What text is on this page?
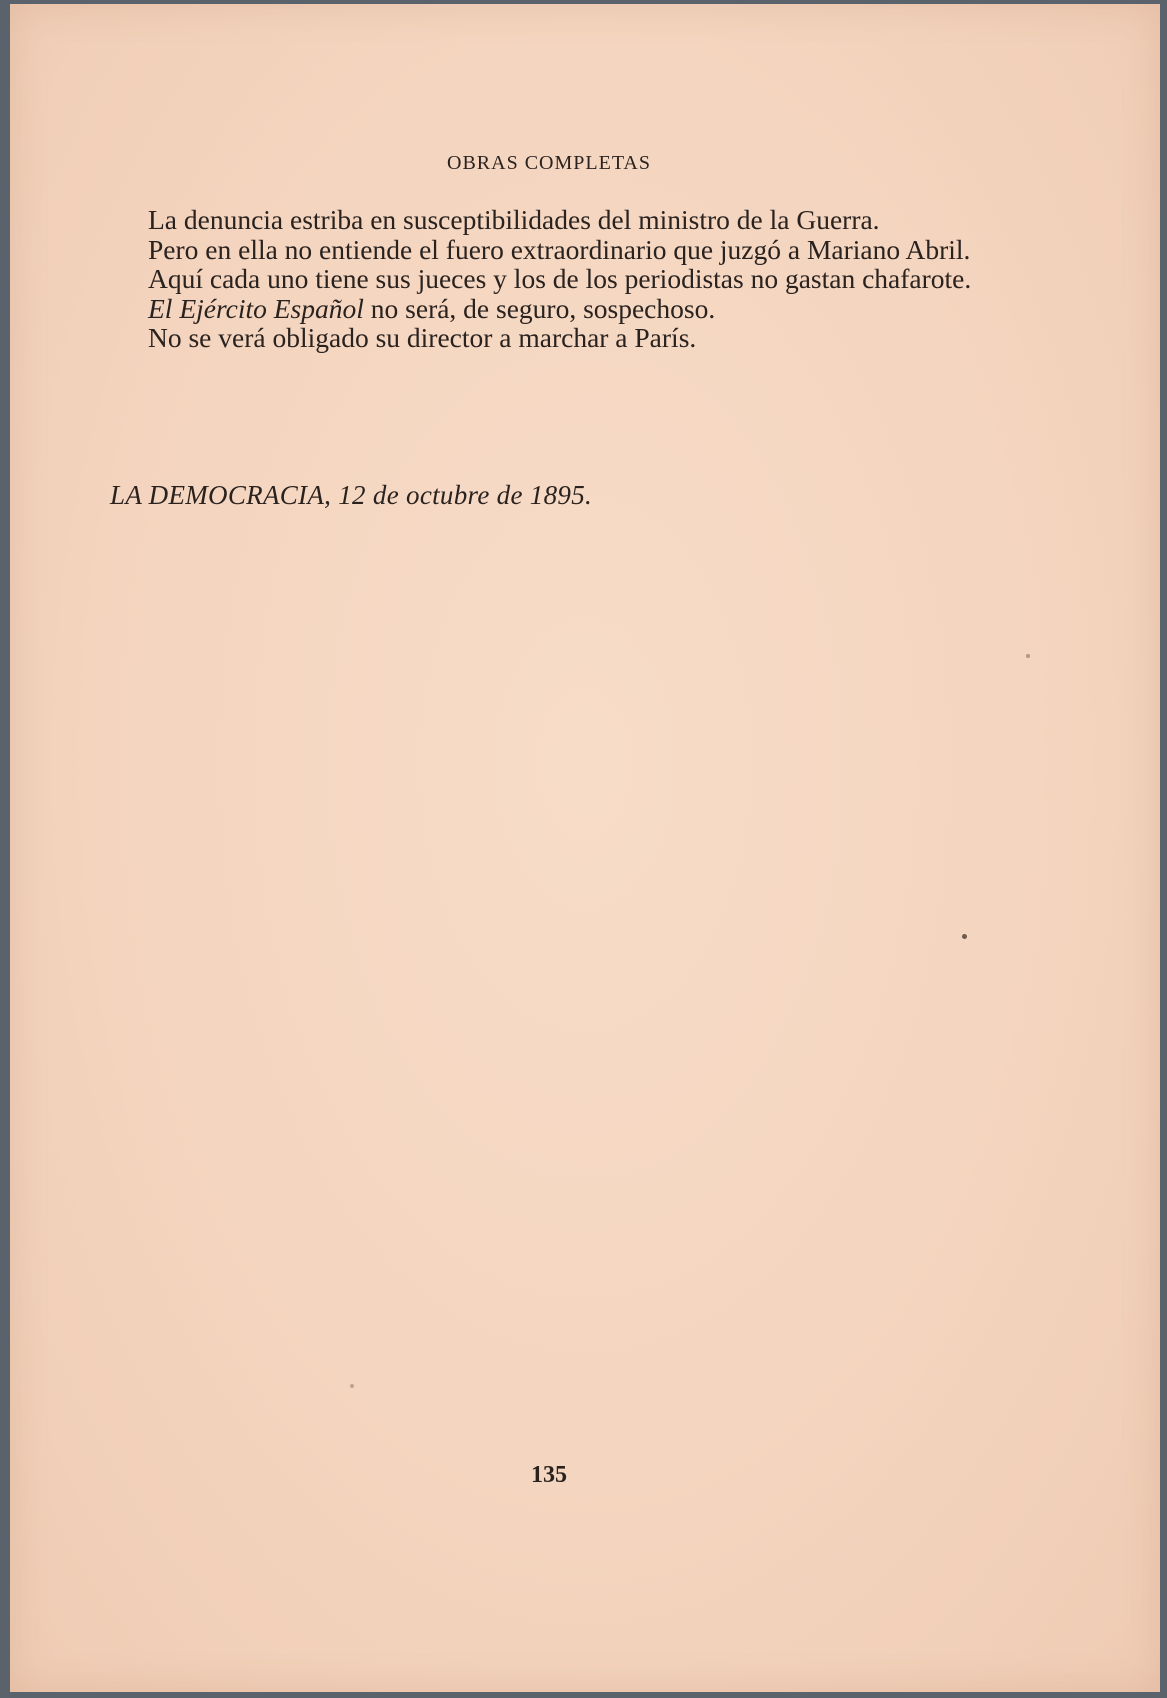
OBRAS COMPLETAS

La denuncia estriba en susceptibilidades del ministro de la Guerra.

Pero en ella no entiende el fuero extraordinario que juzgó a Mariano Abril.

Aquí cada uno tiene sus jueces y los de los periodistas no gastan chafarote.

El Ejército Español no será, de seguro, sospechoso.

No se verá obligado su director a marchar a París.

LA DEMOCRACIA, 12 de octubre de 1895.
135
